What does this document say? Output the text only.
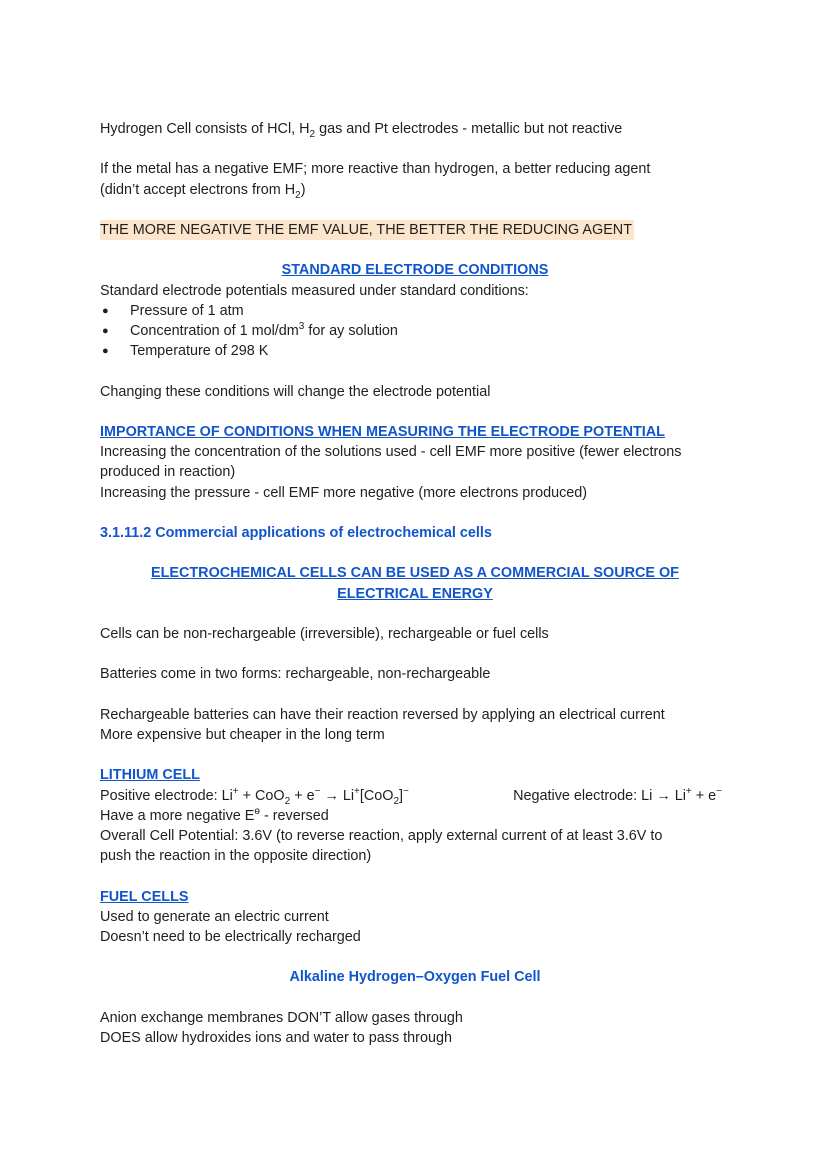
Hydrogen Cell consists of HCl, $H_2$ gas and Pt electrodes - metallic but not reactive

If the metal has a negative EMF; more reactive than hydrogen, a better reducing agent

(didn’t accept electrons from $H_2$)

THE MORE NEGATIVE THE EMF VALUE, THE BETTER THE REDUCING AGENT

STANDARD ELECTRODE CONDITIONS

Standard electrode potentials measured under standard conditions:

● Pressure of 1 atm
● Concentration of 1 mol/$dm^3$ for ay solution
● Temperature of 298 K

Changing these conditions will change the electrode potential

IMPORTANCE OF CONDITIONS WHEN MEASURING THE ELECTRODE POTENTIAL

Increasing the concentration of the solutions used - cell EMF more positive (fewer electrons

produced in reaction)

Increasing the pressure - cell EMF more negative (more electrons produced)

3.1.11.2 Commercial applications of electrochemical cells

ELECTROCHEMICAL CELLS CAN BE USED AS A COMMERCIAL SOURCE OF

ELECTRICAL ENERGY

Cells can be non-rechargeable (irreversible), rechargeable or fuel cells

Batteries come in two forms: rechargeable, non-rechargeable

Rechargeable batteries can have their reaction reversed by applying an electrical current

More expensive but cheaper in the long term

LITHIUM CELL

Positive electrode: Li+ + CoO$_2$ + e− → Li+[CoO$_2$]−	Negative electrode: Li → Li+ + e−

Have a more negative $E^ө$ - reversed

Overall Cell Potential: 3.6V (to reverse reaction, apply external current of at least 3.6V to

push the reaction in the opposite direction)

FUEL CELLS

Used to generate an electric current

Doesn’t need to be electrically recharged

Alkaline Hydrogen–Oxygen Fuel Cell

Anion exchange membranes DON’T allow gases through

DOES allow hydroxides ions and water to pass through
